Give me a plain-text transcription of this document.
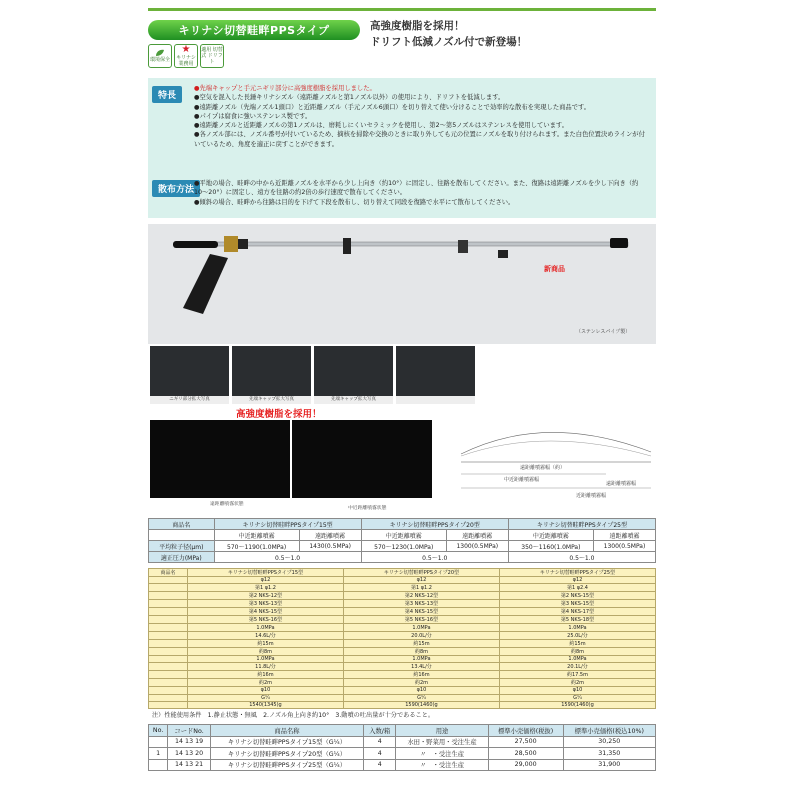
キリナシ切替畦畔PPSタイプ	高強度樹脂を採用！
ドリフト低減ノズル付で新登場！
環境保全
★
キリナシ 業務用
適用 切替式 ドリフト
特長
●先端キャップと手元ニギリ部分に高強度樹脂を採用しました。
●空気を混入した長錘キリナシズル（遠距離ノズルと第1ノズル以外）の使用により、ドリフトを低減します。
●遠距離ノズル（先端ノズル1頭口）と近距離ノズル（手元ノズル6頭口）を切り替えて使い分けることで効率的な散布を実現した商品です。
●パイプは腐食に強いステンレス製です。
●遠距離ノズルと近距離ノズルの第1ノズルは、磨耗しにくいセラミックを使用し、第2〜第5ノズルはステンレスを使用しています。
●各ノズル部には、ノズル番号が付いているため、摘核を掃除や交換のときに取り外しても元の位置にノズルを取り付けられます。また白色位置決めラインが付いているため、角度を適正に戻すことができます。
散布方法
●平地の場合、畦畔の中から近距離ノズルを水平から少し上向き（約10°）に固定し、往路を散布してください。また、復路は遠距離ノズルを少し下向き（約10〜20°）に固定し、遠方を往路の約2倍の歩行速度で散布してください。
●傾斜の場合、畦畔から往路は目的を下げて下段を散布し、切り替えて同段を復路で水平にて散布してください。
新商品
（ステンレスパイプ製）
ニギリ部分拡大写真	先端キャップ拡大写真	先端キャップ拡大写真
高強度樹脂を採用！
遠距離噴霧状態
中近距離噴霧状態
遠距離噴霧幅（約）
中近距離噴霧幅
遠距離噴霧幅
近距離噴霧幅
商品名	キリナシ切替畦畔PPSタイプ15型		キリナシ切替畦畔PPSタイプ20型		キリナシ切替畦畔PPSタイプ25型	
	中近距離噴霧	遠距離噴霧	中近距離噴霧	遠距離噴霧	中近距離噴霧	遠距離噴霧
平均粒子径(μm)	570〜1190(1.0MPa)	1430(0.5MPa)	570〜1230(1.0MPa)	1300(0.5MPa)	350〜1160(1.0MPa)	1300(0.5MPa)
適正圧力(MPa)	0.5〜1.0		0.5〜1.0		0.5〜1.0	
商品名	キリナシ切替畦畔PPSタイプ15型	キリナシ切替畦畔PPSタイプ20型	キリナシ切替畦畔PPSタイプ25型
	φ12	φ12	φ12
	第1 φ1.2	第1 φ1.2	第1 φ2.4
	第2 NKS-12型	第2 NKS-12型	第2 NKS-15型
	第3 NKS-13型	第3 NKS-13型	第3 NKS-15型
	第4 NKS-15型	第4 NKS-15型	第4 NKS-17型
	第5 NKS-16型	第5 NKS-16型	第5 NKS-18型
	1.0MPa	1.0MPa	1.0MPa
	14.6L/分	20.0L/分	25.0L/分
	約15m	約15m	約15m
	約8m	約8m	約8m
	1.0MPa	1.0MPa	1.0MPa
	11.8L/分	13.4L/分	20.1L/分
	約16m	約16m	約17.5m
	約2m	約2m	約2m
	φ10	φ10	φ10
	G¼	G¼	G¼
	1540(1345)g	1590(1460)g	1590(1460)g
注）性能使用条件　1.静止状態・無風　2.ノズル角上向き約10°　3.動噴の吐出量が十分であること。
No.	コードNo.	商品名称	入数/箱	用途	標準小売価格(税抜)	標準小売価格(税込10%)
	14 13 19	キリナシ切替畦畔PPSタイプ15型（G¼）	4	水田・野菜用・受注生産	27,500	30,250
1	14 13 20	キリナシ切替畦畔PPSタイプ20型（G¼）	4	〃　・受注生産	28,500	31,350
	14 13 21	キリナシ切替畦畔PPSタイプ25型（G¼）	4	〃　・受注生産	29,000	31,900
